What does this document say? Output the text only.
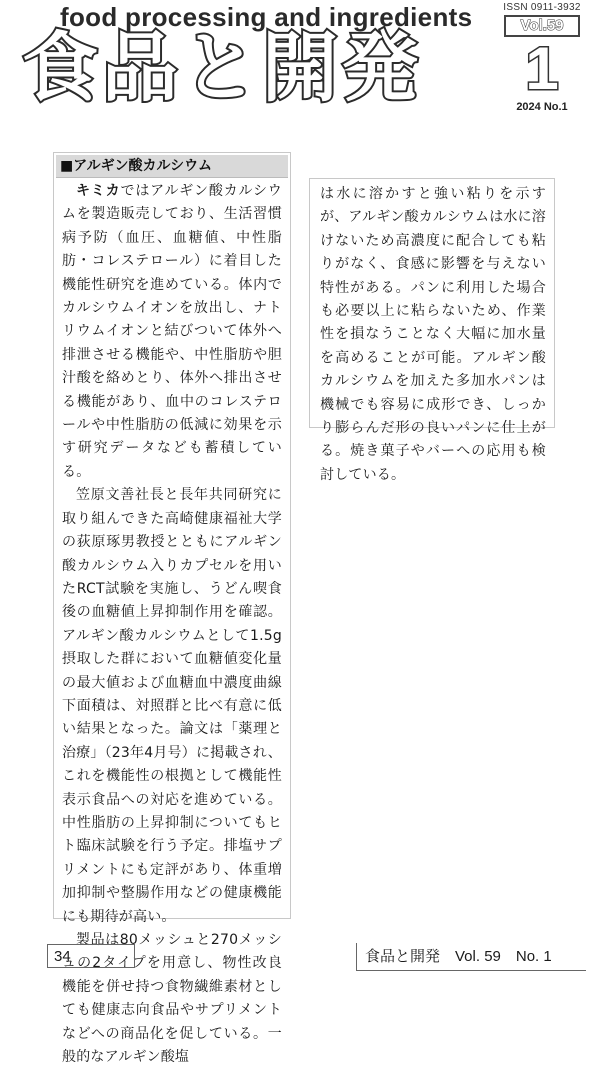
food processing and ingredients
食品と開発
ISSN 0911-3932
Vol.59
1
2024 No.1
■アルギン酸カルシウム

キミカではアルギン酸カルシウムを製造販売しており、生活習慣病予防（血圧、血糖値、中性脂肪・コレステロール）に着目した機能性研究を進めている。体内でカルシウムイオンを放出し、ナトリウムイオンと結びついて体外へ排泄させる機能や、中性脂肪や胆汁酸を絡めとり、体外へ排出させる機能があり、血中のコレステロールや中性脂肪の低減に効果を示す研究データなども蓄積している。

笠原文善社長と長年共同研究に取り組んできた高崎健康福祉大学の荻原琢男教授とともにアルギン酸カルシウム入りカプセルを用いたRCT試験を実施し、うどん喫食後の血糖値上昇抑制作用を確認。アルギン酸カルシウムとして1.5g摂取した群において血糖値変化量の最大値および血糖血中濃度曲線下面積は、対照群と比べ有意に低い結果となった。論文は「薬理と治療」（23年4月号）に掲載され、これを機能性の根拠として機能性表示食品への対応を進めている。中性脂肪の上昇抑制についてもヒト臨床試験を行う予定。排塩サプリメントにも定評があり、体重増加抑制や整腸作用などの健康機能にも期待が高い。

製品は80メッシュと270メッシュの2タイプを用意し、物性改良機能を併せ持つ食物繊維素材としても健康志向食品やサプリメントなどへの商品化を促している。一般的なアルギン酸塩

は水に溶かすと強い粘りを示すが、アルギン酸カルシウムは水に溶けないため高濃度に配合しても粘りがなく、食感に影響を与えない特性がある。パンに利用した場合も必要以上に粘らないため、作業性を損なうことなく大幅に加水量を高めることが可能。アルギン酸カルシウムを加えた多加水パンは機械でも容易に成形でき、しっかり膨らんだ形の良いパンに仕上がる。焼き菓子やバーへの応用も検討している。

34	食品と開発　Vol. 59　No. 1
